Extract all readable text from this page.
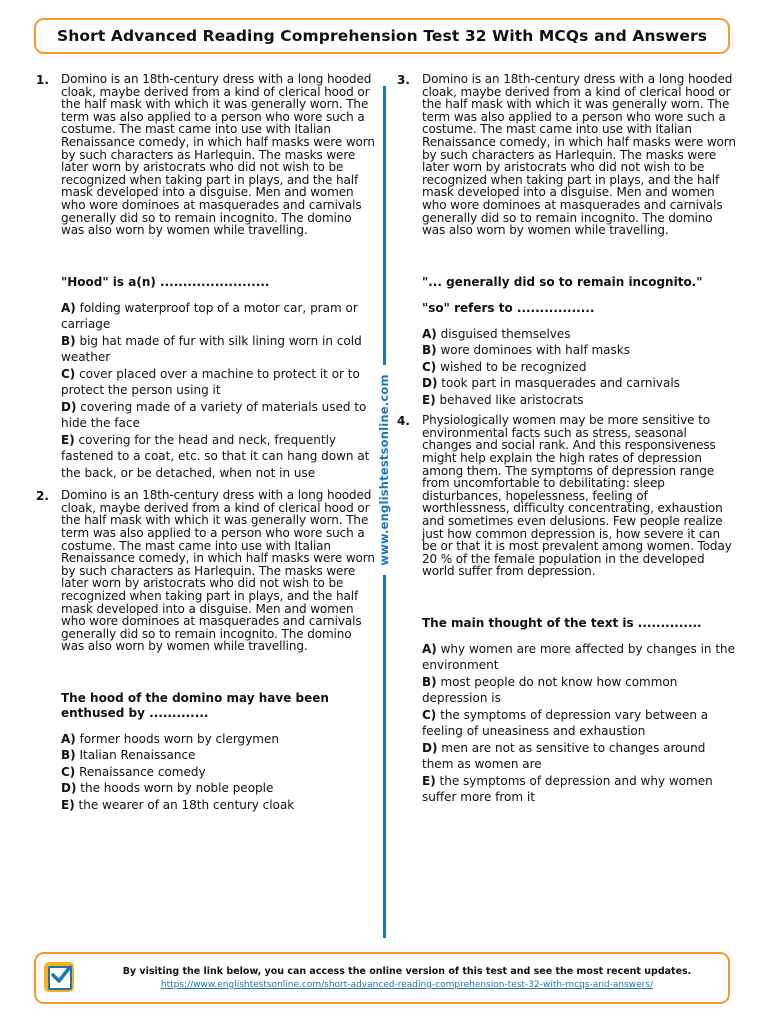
Short Advanced Reading Comprehension Test 32 With MCQs and Answers
www.englishtestsonline.com
1. Domino is an 18th-century dress with a long hooded cloak, maybe derived from a kind of clerical hood or the half mask with which it was generally worn. The term was also applied to a person who wore such a costume. The mast came into use with Italian Renaissance comedy, in which half masks were worn by such characters as Harlequin. The masks were later worn by aristocrats who did not wish to be recognized when taking part in plays, and the half mask developed into a disguise. Men and women who wore dominoes at masquerades and carnivals generally did so to remain incognito. The domino was also worn by women while travelling.
"Hood" is a(n) ........................
A) folding waterproof top of a motor car, pram or carriage
B) big hat made of fur with silk lining worn in cold weather
C) cover placed over a machine to protect it or to protect the person using it
D) covering made of a variety of materials used to hide the face
E) covering for the head and neck, frequently fastened to a coat, etc. so that it can hang down at the back, or be detached, when not in use
2. Domino is an 18th-century dress with a long hooded cloak, maybe derived from a kind of clerical hood or the half mask with which it was generally worn. The term was also applied to a person who wore such a costume. The mast came into use with Italian Renaissance comedy, in which half masks were worn by such characters as Harlequin. The masks were later worn by aristocrats who did not wish to be recognized when taking part in plays, and the half mask developed into a disguise. Men and women who wore dominoes at masquerades and carnivals generally did so to remain incognito. The domino was also worn by women while travelling.
The hood of the domino may have been enthused by .............
A) former hoods worn by clergymen
B) Italian Renaissance
C) Renaissance comedy
D) the hoods worn by noble people
E) the wearer of an 18th century cloak
3. Domino is an 18th-century dress with a long hooded cloak, maybe derived from a kind of clerical hood or the half mask with which it was generally worn. The term was also applied to a person who wore such a costume. The mast came into use with Italian Renaissance comedy, in which half masks were worn by such characters as Harlequin. The masks were later worn by aristocrats who did not wish to be recognized when taking part in plays, and the half mask developed into a disguise. Men and women who wore dominoes at masquerades and carnivals generally did so to remain incognito. The domino was also worn by women while travelling.
"... generally did so to remain incognito."
"so" refers to .................
A) disguised themselves
B) wore dominoes with half masks
C) wished to be recognized
D) took part in masquerades and carnivals
E) behaved like aristocrats
4. Physiologically women may be more sensitive to environmental facts such as stress, seasonal changes and social rank. And this responsiveness might help explain the high rates of depression among them. The symptoms of depression range from uncomfortable to debilitating: sleep disturbances, hopelessness, feeling of worthlessness, difficulty concentrating, exhaustion and sometimes even delusions. Few people realize just how common depression is, how severe it can be or that it is most prevalent among women. Today 20 % of the female population in the developed world suffer from depression.
The main thought of the text is ..............
A) why women are more affected by changes in the environment
B) most people do not know how common depression is
C) the symptoms of depression vary between a feeling of uneasiness and exhaustion
D) men are not as sensitive to changes around them as women are
E) the symptoms of depression and why women suffer more from it
By visiting the link below, you can access the online version of this test and see the most recent updates.
https://www.englishtestsonline.com/short-advanced-reading-comprehension-test-32-with-mcqs-and-answers/
